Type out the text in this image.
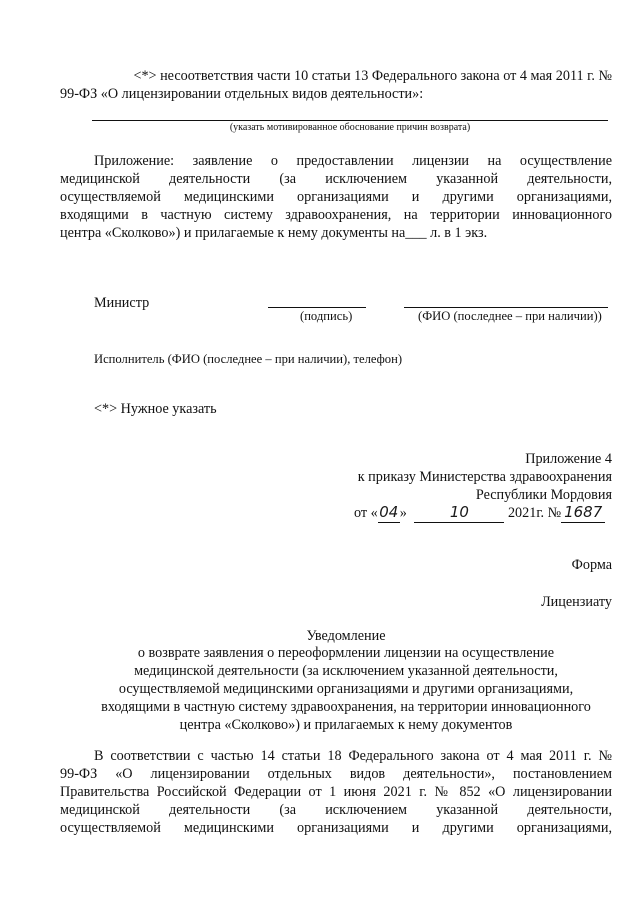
<*> несоответствия части 10 статьи 13 Федерального закона от 4 мая 2011 г. №
99-ФЗ «О лицензировании отдельных видов деятельности»:
(указать мотивированное обоснование причин возврата)
Приложение: заявление о предоставлении лицензии на осуществление
медицинской деятельности (за исключением указанной деятельности,
осуществляемой медицинскими организациями и другими организациями,
входящими в частную систему здравоохранения, на территории инновационного
центра «Сколково») и прилагаемые к нему документы на___ л. в 1 экз.
Министр
(подпись)	(ФИО (последнее – при наличии))
Исполнитель (ФИО (последнее – при наличии), телефон)
<*> Нужное указать
Приложение 4
к приказу Министерства здравоохранения
Республики Мордовия
от «04»	10	2021г. № 1687
Форма
Лицензиату
Уведомление
о возврате заявления о переоформлении лицензии на осуществление
медицинской деятельности (за исключением указанной деятельности,
осуществляемой медицинскими организациями и другими организациями,
входящими в частную систему здравоохранения, на территории инновационного
центра «Сколково») и прилагаемых к нему документов
В соответствии с частью 14 статьи 18 Федерального закона от 4 мая 2011 г. №
99-ФЗ «О лицензировании отдельных видов деятельности», постановлением
Правительства Российской Федерации от 1 июня 2021 г. № 852 «О лицензировании
медицинской деятельности (за исключением указанной деятельности,
осуществляемой медицинскими организациями и другими организациями,
